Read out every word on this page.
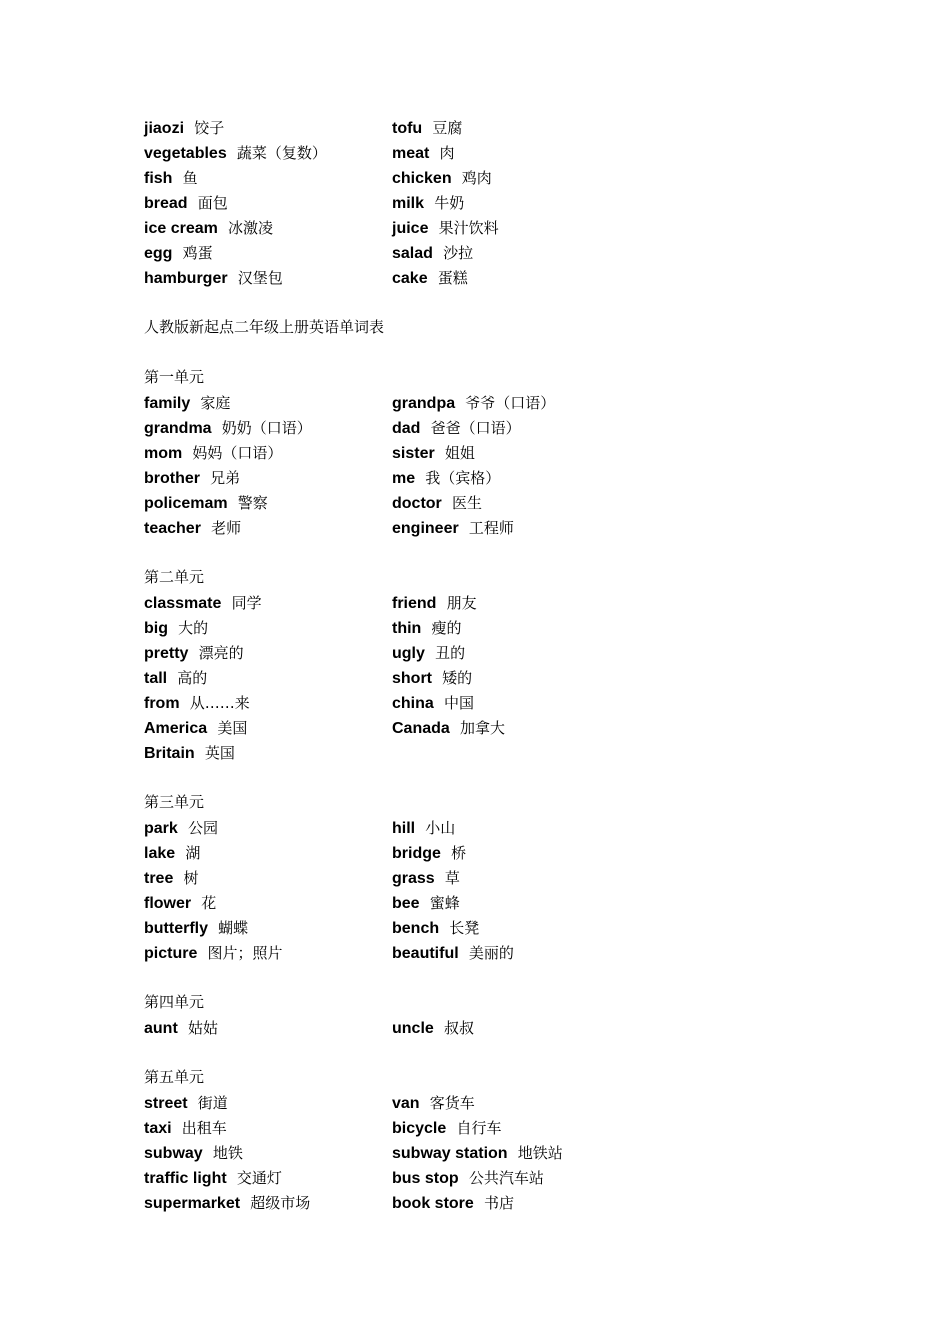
jiaozi 饺子	tofu 豆腐
vegetables 蔬菜（复数）	meat 肉
fish 鱼	chicken 鸡肉
bread 面包	milk 牛奶
ice cream 冰激凌	juice 果汁饮料
egg 鸡蛋	salad 沙拉
hamburger 汉堡包	cake 蛋糕
人教版新起点二年级上册英语单词表
第一单元
family 家庭	grandpa 爷爷（口语）
grandma 奶奶（口语）	dad 爸爸（口语）
mom 妈妈（口语）	sister 姐姐
brother 兄弟	me 我（宾格）
policemam 警察	doctor 医生
teacher 老师	engineer 工程师
第二单元
classmate 同学	friend 朋友
big 大的	thin 瘦的
pretty 漂亮的	ugly 丑的
tall 高的	short 矮的
from 从……来	china 中国
America 美国	Canada 加拿大
Britain 英国
第三单元
park 公园	hill 小山
lake 湖	bridge 桥
tree 树	grass 草
flower 花	bee 蜜蜂
butterfly 蝴蝶	bench 长凳
picture 图片；照片	beautiful 美丽的
第四单元
aunt 姑姑	uncle 叔叔
第五单元
street 街道	van 客货车
taxi 出租车	bicycle 自行车
subway 地铁	subway station 地铁站
traffic light 交通灯	bus stop 公共汽车站
supermarket 超级市场	book store 书店
